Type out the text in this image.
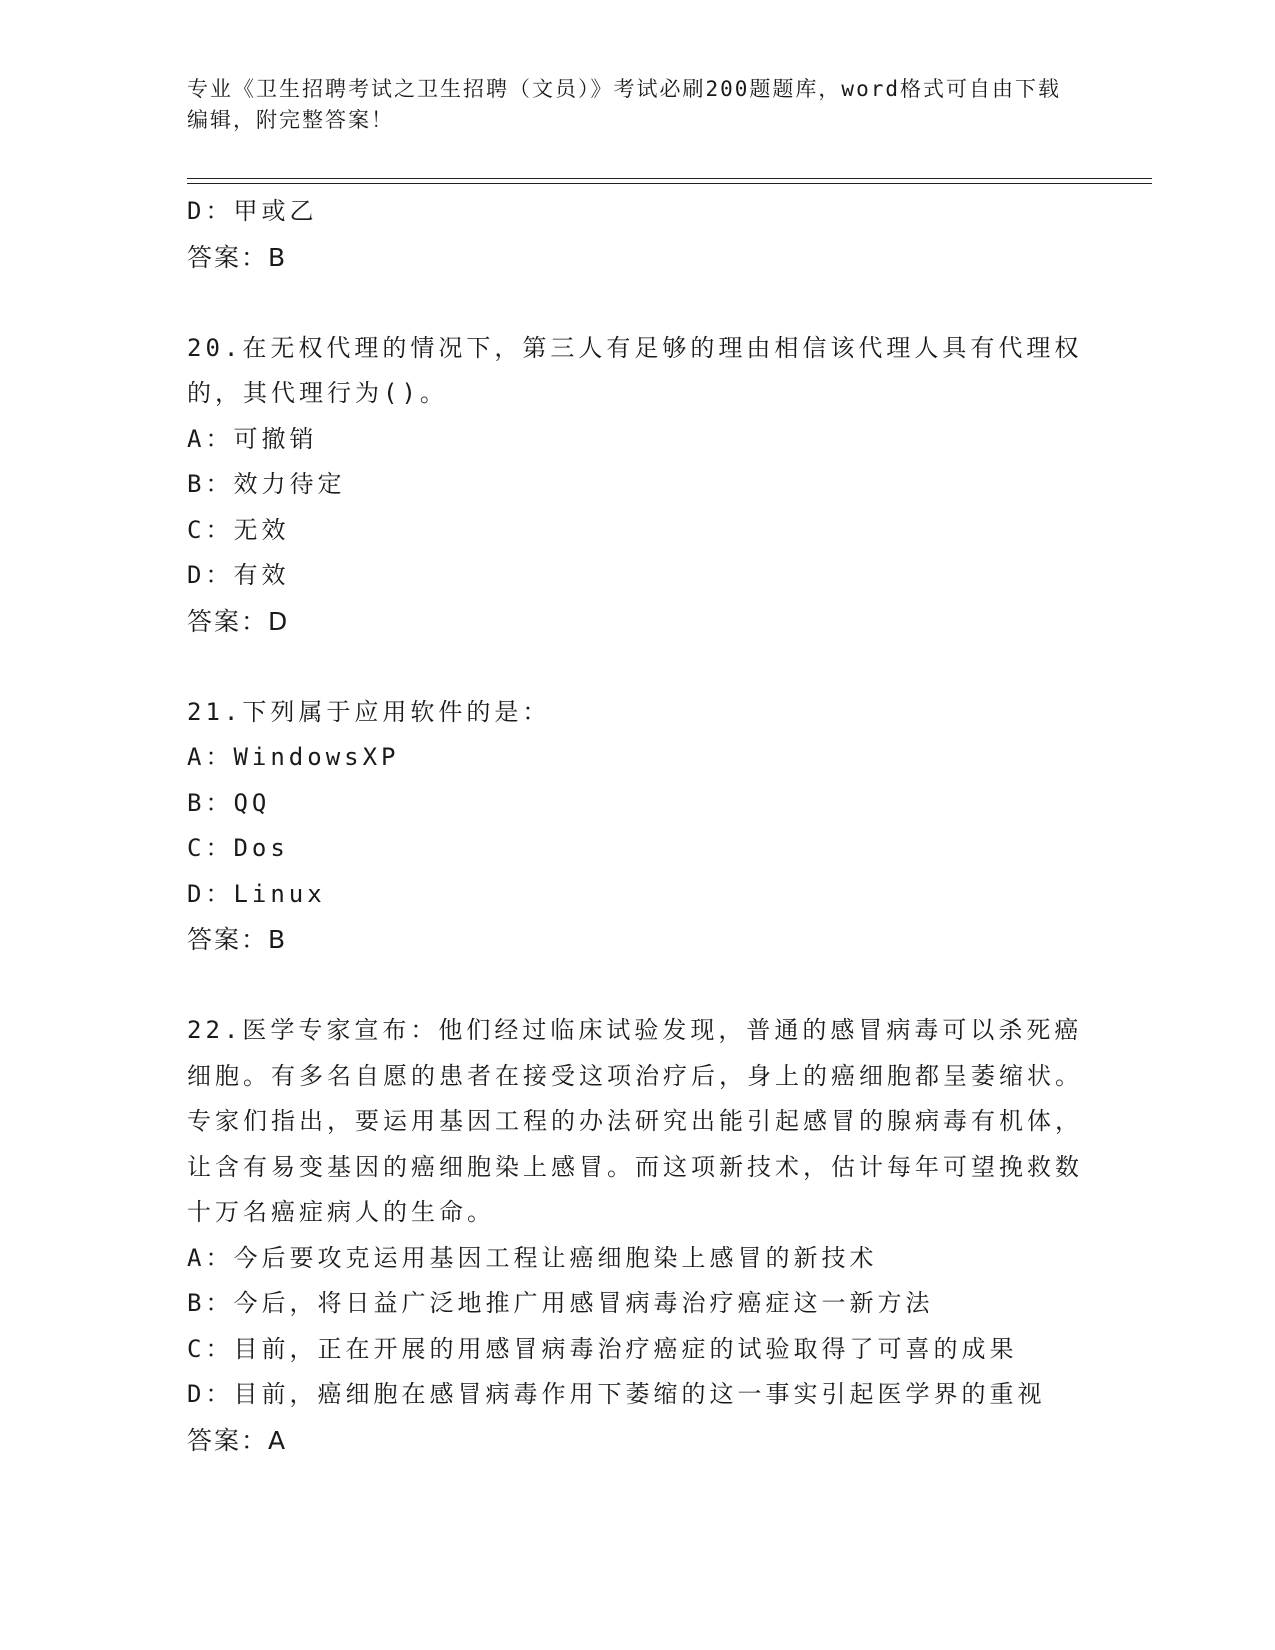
专业《卫生招聘考试之卫生招聘（文员）》考试必刷200题题库，word格式可自由下载编辑，附完整答案！
D：甲或乙
答案：B
20.在无权代理的情况下，第三人有足够的理由相信该代理人具有代理权的，其代理行为()。
A：可撤销
B：效力待定
C：无效
D：有效
答案：D
21.下列属于应用软件的是：
A：WindowsXP
B：QQ
C：Dos
D：Linux
答案：B
22.医学专家宣布：他们经过临床试验发现，普通的感冒病毒可以杀死癌细胞。有多名自愿的患者在接受这项治疗后，身上的癌细胞都呈萎缩状。专家们指出，要运用基因工程的办法研究出能引起感冒的腺病毒有机体，让含有易变基因的癌细胞染上感冒。而这项新技术，估计每年可望挽救数十万名癌症病人的生命。
A：今后要攻克运用基因工程让癌细胞染上感冒的新技术
B：今后，将日益广泛地推广用感冒病毒治疗癌症这一新方法
C：目前，正在开展的用感冒病毒治疗癌症的试验取得了可喜的成果
D：目前，癌细胞在感冒病毒作用下萎缩的这一事实引起医学界的重视
答案：A
